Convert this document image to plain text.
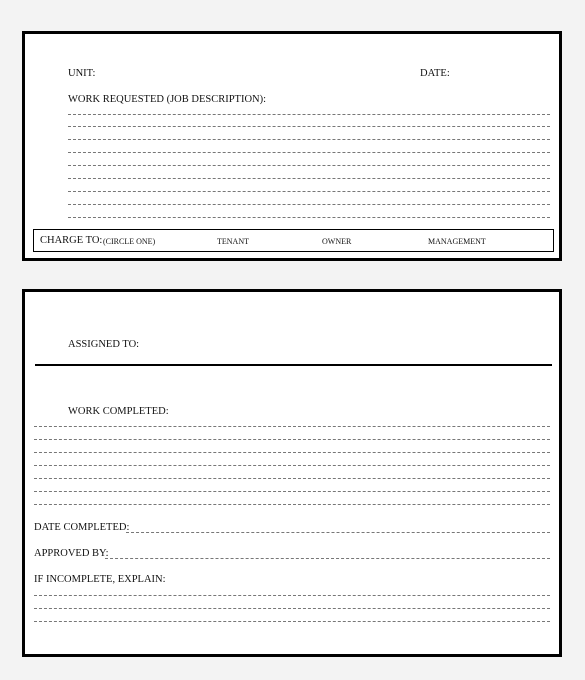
UNIT:	DATE:
WORK REQUESTED (JOB DESCRIPTION):
CHARGE TO: (CIRCLE ONE)	TENANT	OWNER	MANAGEMENT
ASSIGNED TO:
WORK COMPLETED:
DATE COMPLETED:
APPROVED BY:
IF INCOMPLETE, EXPLAIN:
